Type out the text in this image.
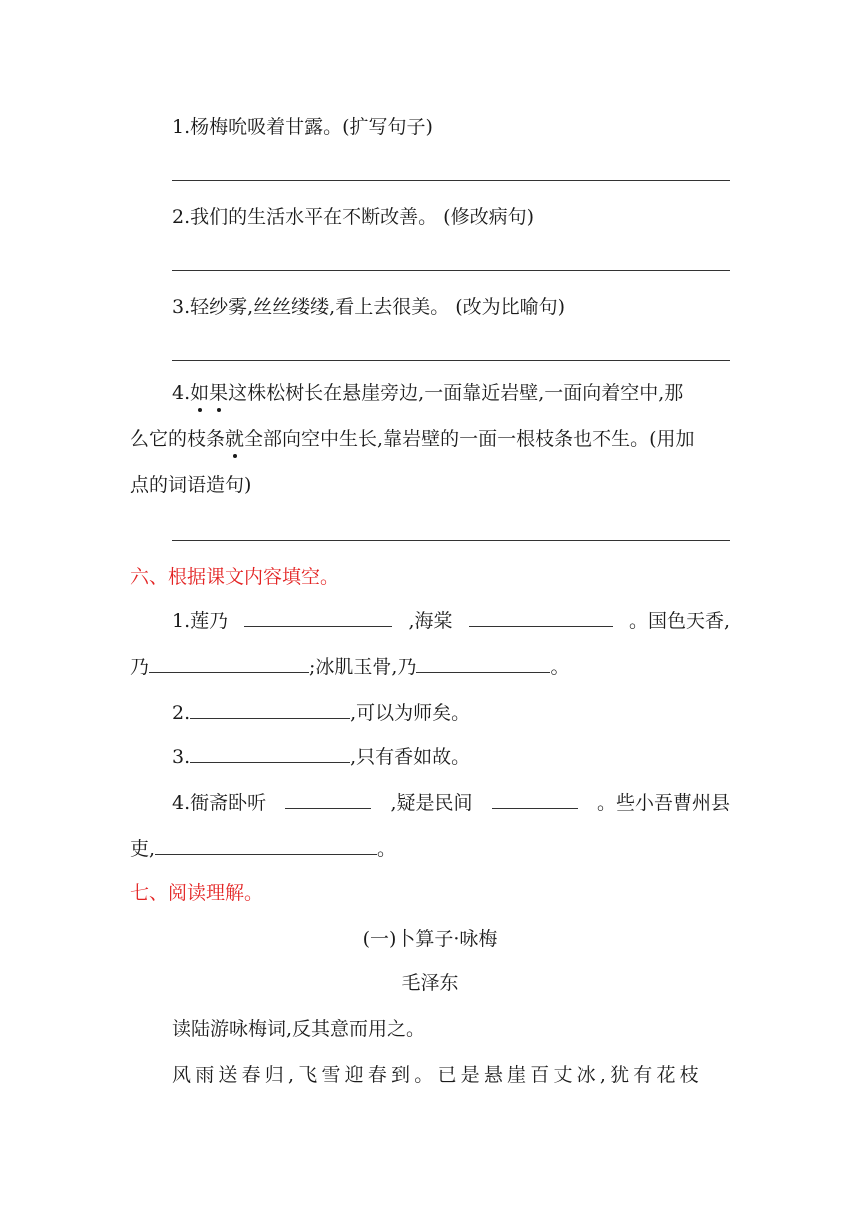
1.杨梅吮吸着甘露。(扩写句子)
2.我们的生活水平在不断改善。 (修改病句)
3.轻纱雾,丝丝缕缕,看上去很美。 (改为比喻句)
4.如果这株松树长在悬崖旁边,一面靠近岩壁,一面向着空中,那
么它的枝条就全部向空中生长,靠岩壁的一面一根枝条也不生。(用加
点的词语造句)
六、根据课文内容填空。
1.莲乃	,海棠	。国色天香,
乃	;冰肌玉骨,乃	。
2.	,可以为师矣。
3.	,只有香如故。
4.衙斋卧听	,疑是民间	。些小吾曹州县
吏,	。
七、阅读理解。
(一)卜算子·咏梅
毛泽东
读陆游咏梅词,反其意而用之。
风雨送春归,飞雪迎春到。已是悬崖百丈冰,犹有花枝
